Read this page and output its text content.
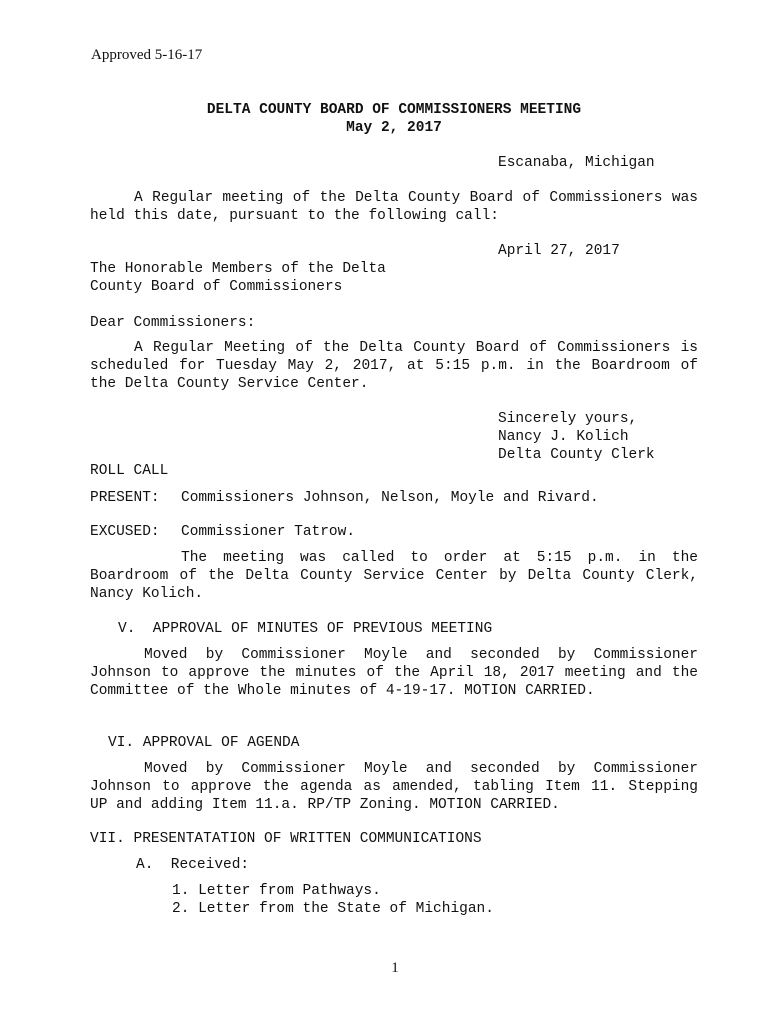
Approved 5-16-17
DELTA COUNTY BOARD OF COMMISSIONERS MEETING
May 2, 2017
Escanaba, Michigan

A Regular meeting of the Delta County Board of Commissioners was held this date, pursuant to the following call:

April 27, 2017
The Honorable Members of the Delta
County Board of Commissioners
Dear Commissioners:

A Regular Meeting of the Delta County Board of Commissioners is scheduled for Tuesday May 2, 2017, at 5:15 p.m. in the Boardroom of the Delta County Service Center.

Sincerely yours,
Nancy J. Kolich
Delta County Clerk
ROLL CALL
PRESENT: Commissioners Johnson, Nelson, Moyle and Rivard.
EXCUSED: Commissioner Tatrow.

The meeting was called to order at 5:15 p.m. in the Boardroom of the Delta County Service Center by Delta County Clerk, Nancy Kolich.

V.  APPROVAL OF MINUTES OF PREVIOUS MEETING

Moved by Commissioner Moyle and seconded by Commissioner Johnson to approve the minutes of the April 18, 2017 meeting and the Committee of the Whole minutes of 4-19-17. MOTION CARRIED.

VI. APPROVAL OF AGENDA

Moved by Commissioner Moyle and seconded by Commissioner Johnson to approve the agenda as amended, tabling Item 11. Stepping UP and adding Item 11.a. RP/TP Zoning. MOTION CARRIED.

VII. PRESENTATATION OF WRITTEN COMMUNICATIONS
A.  Received:
1. Letter from Pathways.
2. Letter from the State of Michigan.
1
